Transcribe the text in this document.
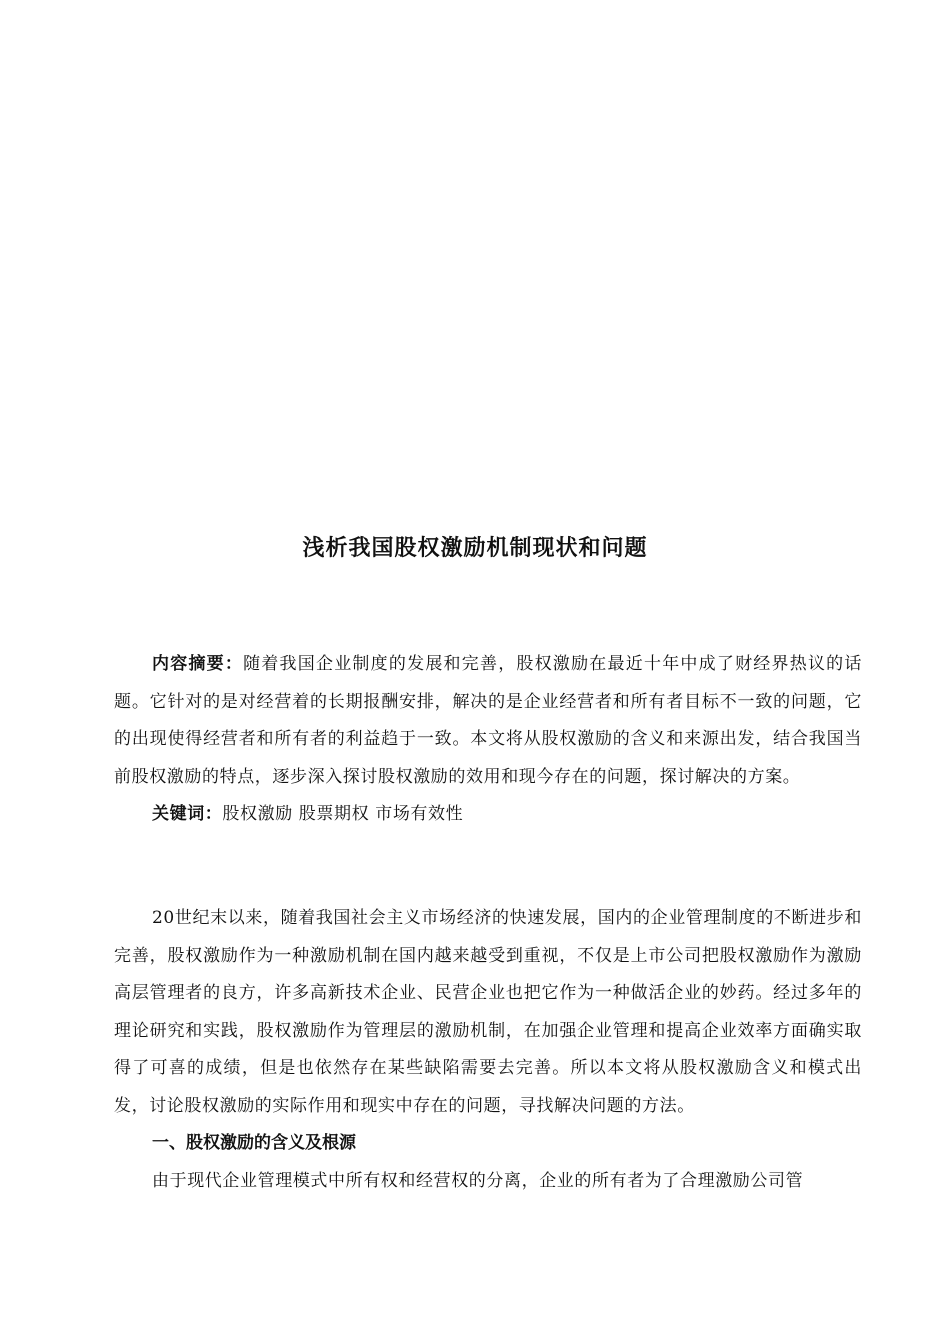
浅析我国股权激励机制现状和问题

内容摘要：随着我国企业制度的发展和完善，股权激励在最近十年中成了财经界热议的话题。它针对的是对经营着的长期报酬安排，解决的是企业经营者和所有者目标不一致的问题，它的出现使得经营者和所有者的利益趋于一致。本文将从股权激励的含义和来源出发，结合我国当前股权激励的特点，逐步深入探讨股权激励的效用和现今存在的问题，探讨解决的方案。

关键词：股权激励 股票期权 市场有效性

20世纪末以来，随着我国社会主义市场经济的快速发展，国内的企业管理制度的不断进步和完善，股权激励作为一种激励机制在国内越来越受到重视，不仅是上市公司把股权激励作为激励高层管理者的良方，许多高新技术企业、民营企业也把它作为一种做活企业的妙药。经过多年的理论研究和实践，股权激励作为管理层的激励机制，在加强企业管理和提高企业效率方面确实取得了可喜的成绩，但是也依然存在某些缺陷需要去完善。所以本文将从股权激励含义和模式出发，讨论股权激励的实际作用和现实中存在的问题，寻找解决问题的方法。

一、股权激励的含义及根源

由于现代企业管理模式中所有权和经营权的分离，企业的所有者为了合理激励公司管
